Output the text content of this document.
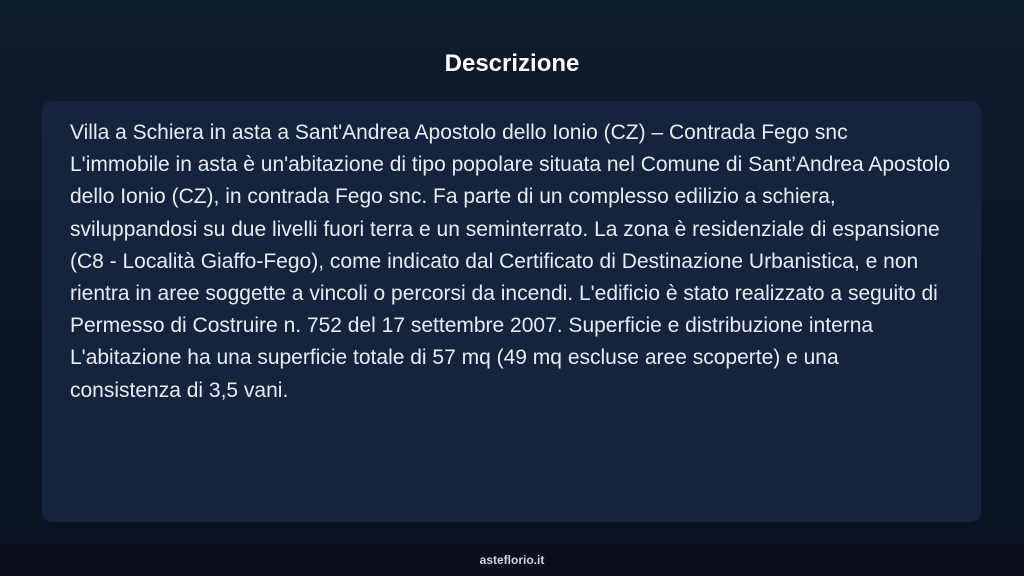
Descrizione

Villa a Schiera in asta a Sant'Andrea Apostolo dello Ionio (CZ) – Contrada Fego snc L'immobile in asta è un'abitazione di tipo popolare situata nel Comune di Sant’Andrea Apostolo dello Ionio (CZ), in contrada Fego snc. Fa parte di un complesso edilizio a schiera, sviluppandosi su due livelli fuori terra e un seminterrato. La zona è residenziale di espansione (C8 - Località Giaffo-Fego), come indicato dal Certificato di Destinazione Urbanistica, e non rientra in aree soggette a vincoli o percorsi da incendi. L'edificio è stato realizzato a seguito di Permesso di Costruire n. 752 del 17 settembre 2007. Superficie e distribuzione interna L'abitazione ha una superficie totale di 57 mq (49 mq escluse aree scoperte) e una consistenza di 3,5 vani.

asteflorio.it
